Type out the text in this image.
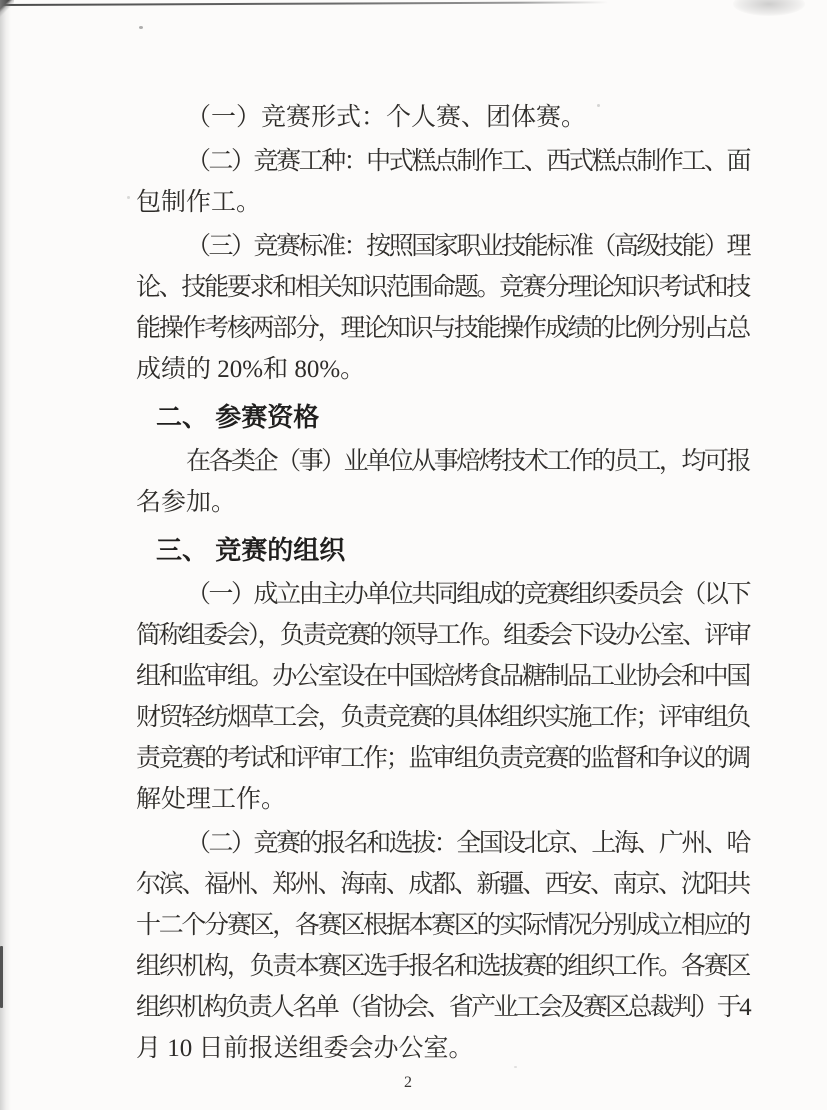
（一）竞赛形式：个人赛、团体赛。
（二）竞赛工种：中式糕点制作工、西式糕点制作工、面
包制作工。
（三）竞赛标准：按照国家职业技能标准（高级技能）理
论、技能要求和相关知识范围命题。竞赛分理论知识考试和技
能操作考核两部分，理论知识与技能操作成绩的比例分别占总
成绩的 20%和 80%。
二、 参赛资格
在各类企（事）业单位从事焙烤技术工作的员工，均可报
名参加。
三、 竞赛的组织
（一）成立由主办单位共同组成的竞赛组织委员会（以下
简称组委会），负责竞赛的领导工作。组委会下设办公室、评审
组和监审组。办公室设在中国焙烤食品糖制品工业协会和中国
财贸轻纺烟草工会，负责竞赛的具体组织实施工作；评审组负
责竞赛的考试和评审工作；监审组负责竞赛的监督和争议的调
解处理工作。
（二）竞赛的报名和选拔：全国设北京、上海、广州、哈
尔滨、福州、郑州、海南、成都、新疆、西安、南京、沈阳共
十二个分赛区，各赛区根据本赛区的实际情况分别成立相应的
组织机构，负责本赛区选手报名和选拔赛的组织工作。各赛区
组织机构负责人名单（省协会、省产业工会及赛区总裁判）于4
月 10 日前报送组委会办公室。
2
